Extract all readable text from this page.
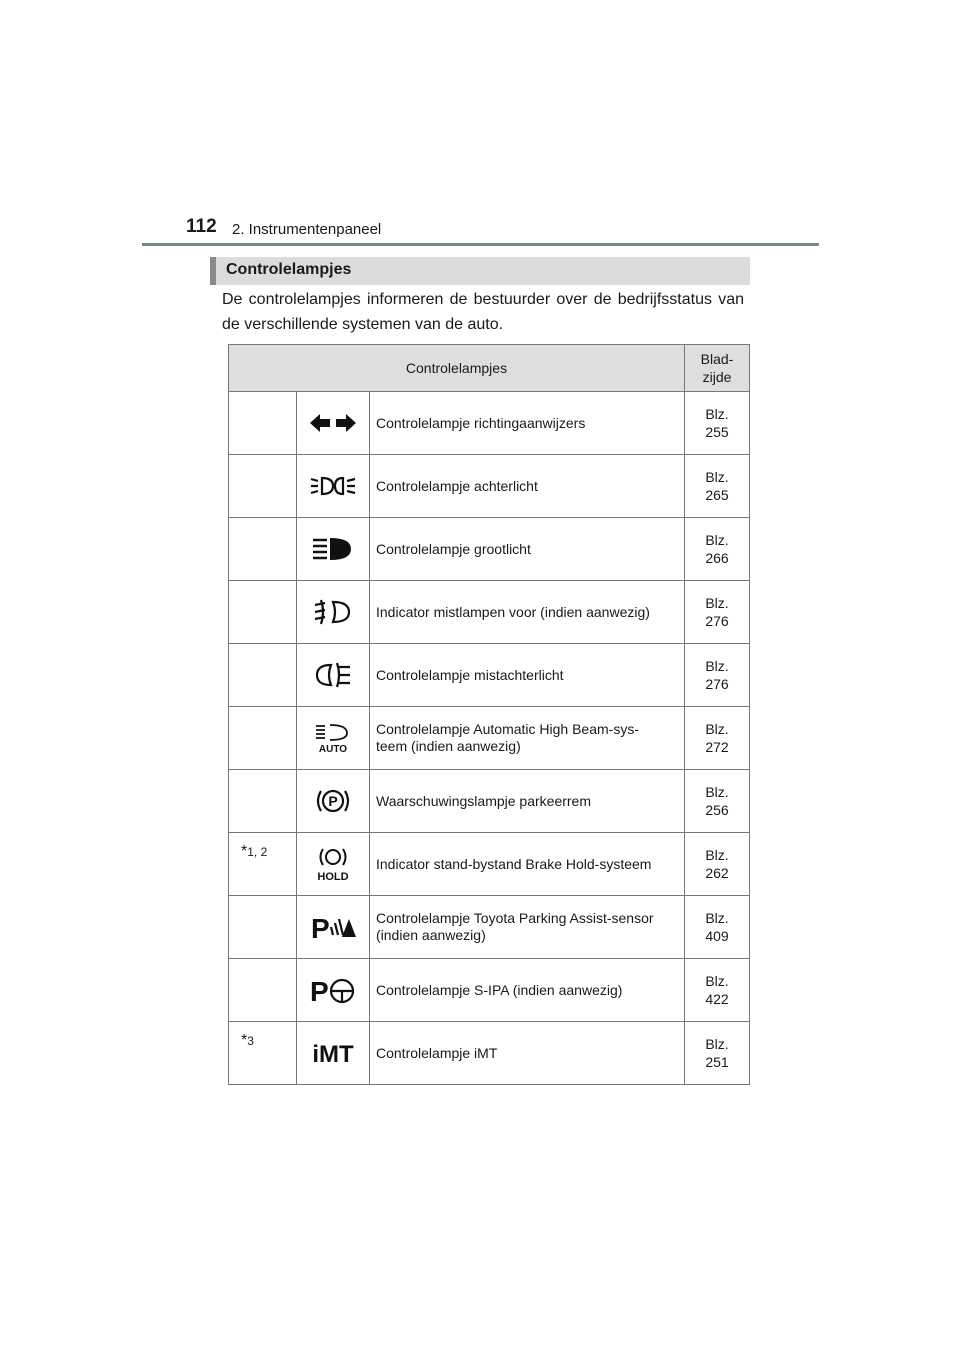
112 2. Instrumentenpaneel
Controlelampjes
De controlelampjes informeren de bestuurder over de bedrijfsstatus van de verschillende systemen van de auto.
Controlelampjes			Blad-
zijde

	Controlelampje richtingaanwijzers	Blz.
255

	Controlelampje achterlicht	Blz.
265

	Controlelampje grootlicht	Blz.
266

	Indicator mistlampen voor (indien aanwezig)	Blz.
276

	Controlelampje mistachterlicht	Blz.
276

AUTO	Controlelampje Automatic High Beam-sys-
teem (indien aanwezig)	Blz.
272

P	Waarschuwingslampje parkeerrem	Blz.
256
*1, 2	HOLD	Indicator stand-bystand Brake Hold-systeem	Blz.
262

P	Controlelampje Toyota Parking Assist-sensor
(indien aanwezig)	Blz.
409

P	Controlelampje S-IPA (indien aanwezig)	Blz.
422
*3	iMT	Controlelampje iMT	Blz.
251
